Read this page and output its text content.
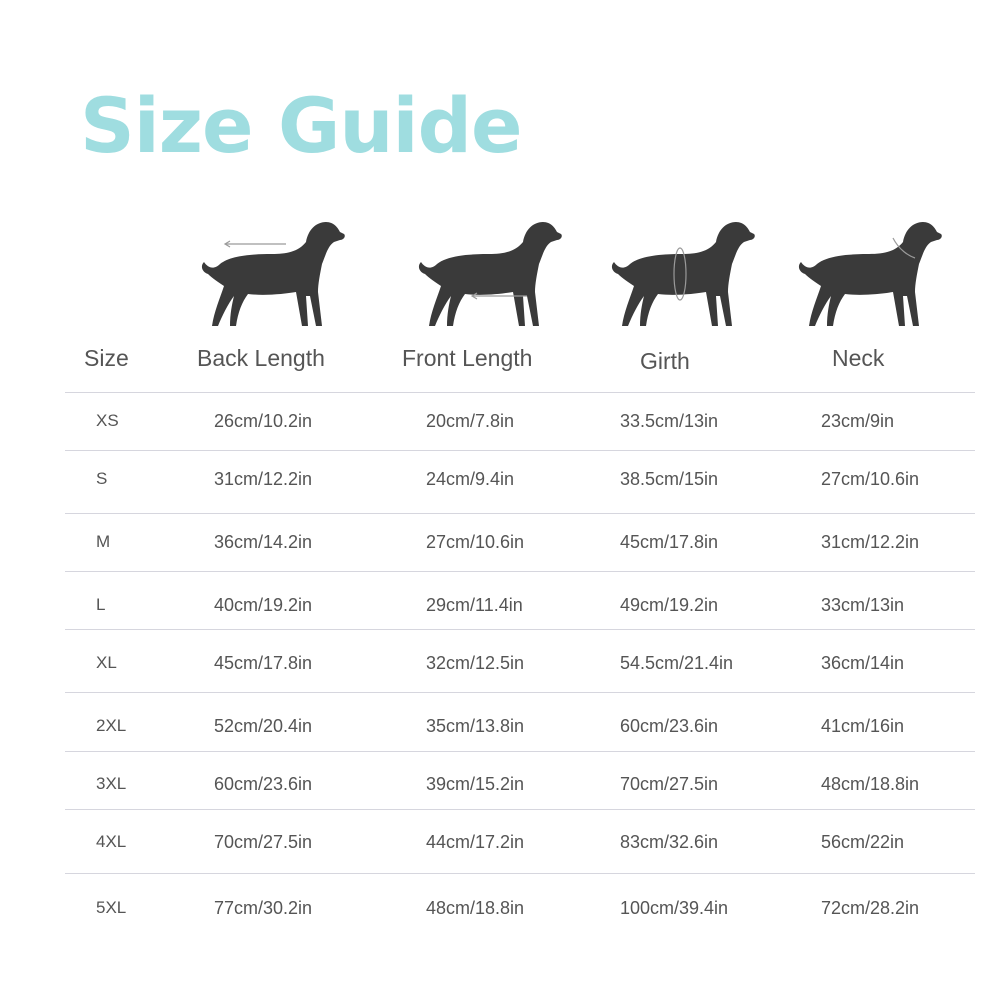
Size Guide
Size	Back Length	Front Length	Girth	Neck
XS	26cm/10.2in	20cm/7.8in	33.5cm/13in	23cm/9in
S	31cm/12.2in	24cm/9.4in	38.5cm/15in	27cm/10.6in
M	36cm/14.2in	27cm/10.6in	45cm/17.8in	31cm/12.2in
L	40cm/19.2in	29cm/11.4in	49cm/19.2in	33cm/13in
XL	45cm/17.8in	32cm/12.5in	54.5cm/21.4in	36cm/14in
2XL	52cm/20.4in	35cm/13.8in	60cm/23.6in	41cm/16in
3XL	60cm/23.6in	39cm/15.2in	70cm/27.5in	48cm/18.8in
4XL	70cm/27.5in	44cm/17.2in	83cm/32.6in	56cm/22in
5XL	77cm/30.2in	48cm/18.8in	100cm/39.4in	72cm/28.2in
